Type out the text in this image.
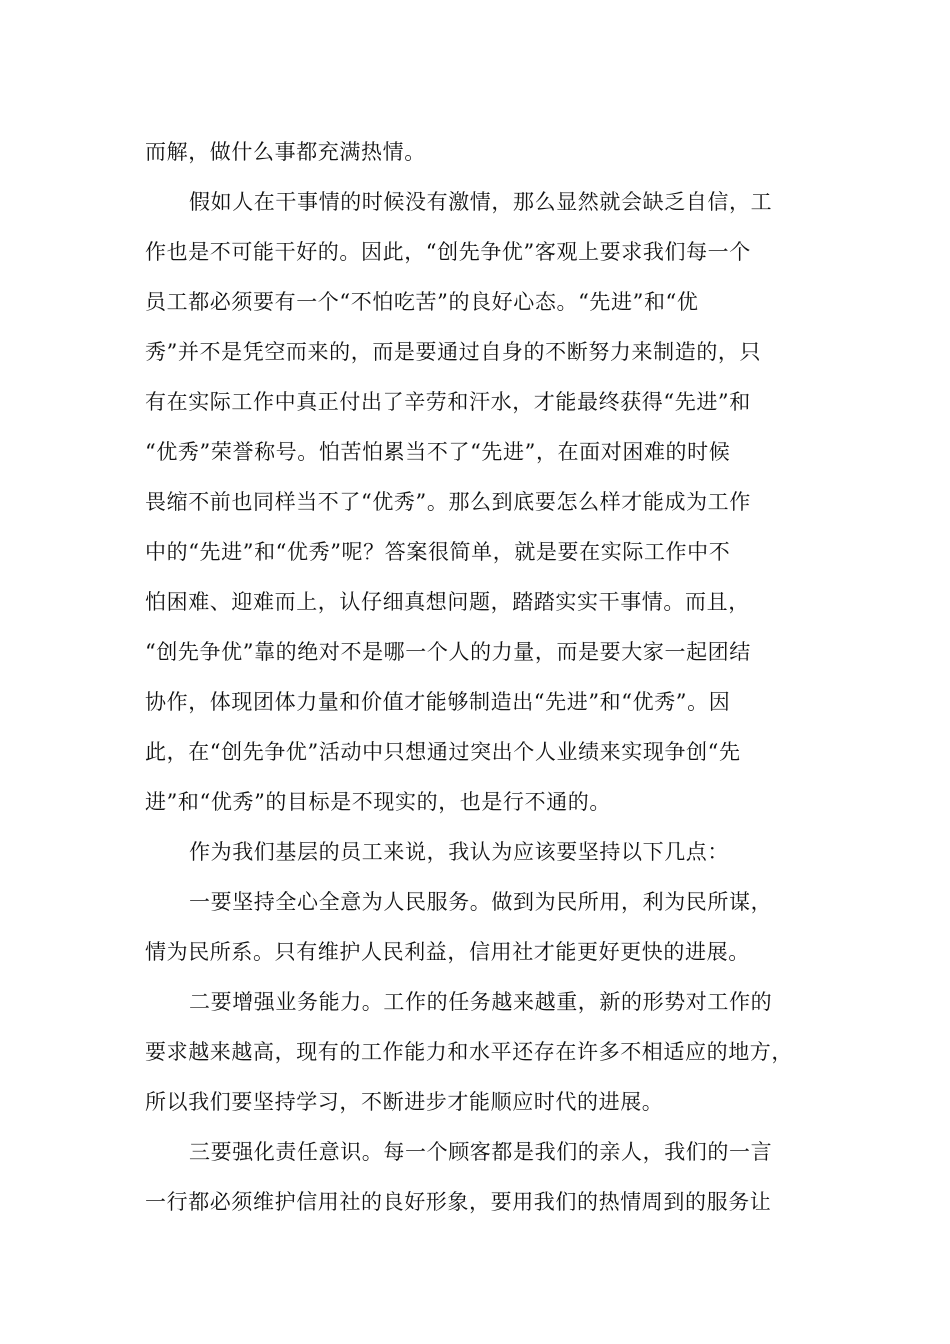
而解，做什么事都充满热情。
假如人在干事情的时候没有激情，那么显然就会缺乏自信，工
作也是不可能干好的。因此，“创先争优”客观上要求我们每一个
员工都必须要有一个“不怕吃苦”的良好心态。“先进”和“优
秀”并不是凭空而来的，而是要通过自身的不断努力来制造的，只
有在实际工作中真正付出了辛劳和汗水，才能最终获得“先进”和
“优秀”荣誉称号。怕苦怕累当不了“先进”，在面对困难的时候
畏缩不前也同样当不了“优秀”。那么到底要怎么样才能成为工作
中的“先进”和“优秀”呢？答案很简单，就是要在实际工作中不
怕困难、迎难而上，认仔细真想问题，踏踏实实干事情。而且，
“创先争优”靠的绝对不是哪一个人的力量，而是要大家一起团结
协作，体现团体力量和价值才能够制造出“先进”和“优秀”。因
此，在“创先争优”活动中只想通过突出个人业绩来实现争创“先
进”和“优秀”的目标是不现实的，也是行不通的。
作为我们基层的员工来说，我认为应该要坚持以下几点：
一要坚持全心全意为人民服务。做到为民所用，利为民所谋，
情为民所系。只有维护人民利益，信用社才能更好更快的进展。
二要增强业务能力。工作的任务越来越重，新的形势对工作的
要求越来越高，现有的工作能力和水平还存在许多不相适应的地方，
所以我们要坚持学习，不断进步才能顺应时代的进展。
三要强化责任意识。每一个顾客都是我们的亲人，我们的一言
一行都必须维护信用社的良好形象，要用我们的热情周到的服务让
